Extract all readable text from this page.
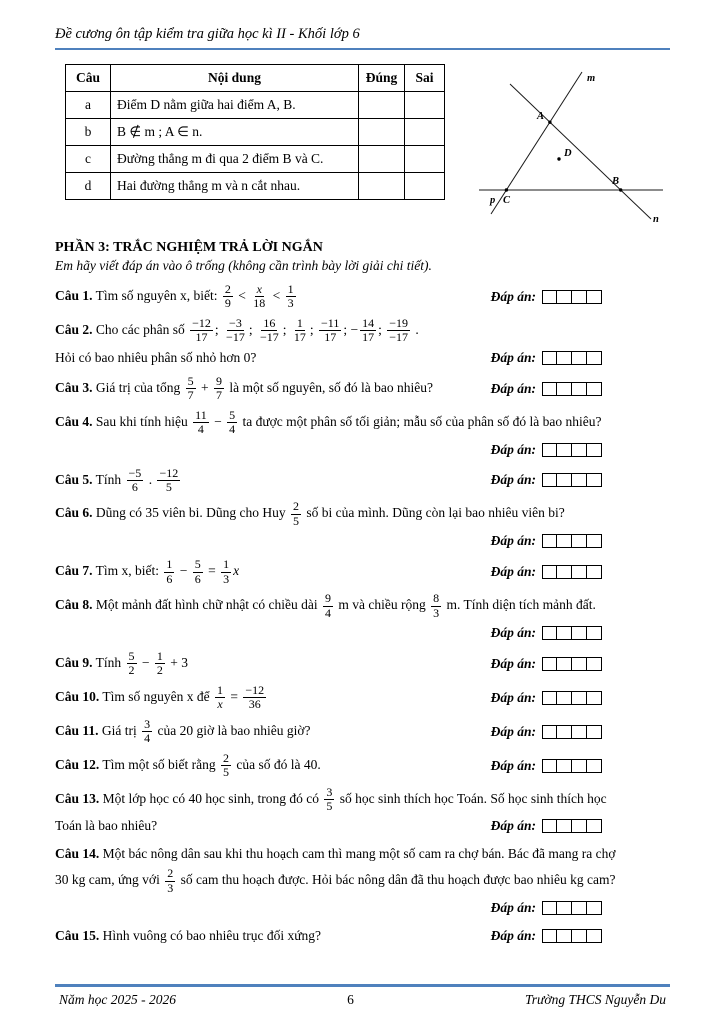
Đề cương ôn tập kiểm tra giữa học kì II - Khối lớp 6
Câu	Nội dung	Đúng	Sai
a	Điểm D nằm giữa hai điểm A, B.		
b	B ∉ m ; A ∈ n.		
c	Đường thẳng m đi qua 2 điểm B và C.		
d	Hai đường thẳng m và n cắt nhau.		
m
n
p
A
B
C
D
PHẦN 3: TRẮC NGHIỆM TRẢ LỜI NGẮN
Em hãy viết đáp án vào ô trống (không cần trình bày lời giải chi tiết).
Câu 1. Tìm số nguyên x, biết: $\frac{2}{9} < \frac{x}{18} < \frac{1}{3}$	Đáp án:
Câu 2. Cho các phân số $\frac{-12}{17}$ ; $\frac{-3}{-17}$ ; $\frac{16}{-17}$ ; $\frac{1}{17}$ ; $\frac{-11}{17}$ ; − $\frac{14}{17}$ ; $\frac{-19}{-17}$ .
Hỏi có bao nhiêu phân số nhỏ hơn 0?	Đáp án:
Câu 3. Giá trị của tổng $\frac{5}{7} + \frac{9}{7}$ là một số nguyên, số đó là bao nhiêu?	Đáp án:
Câu 4. Sau khi tính hiệu $\frac{11}{4} - \frac{5}{4}$ ta được một phân số tối giản; mẫu số của phân số đó là bao nhiêu?
Đáp án:
Câu 5. Tính $\frac{-5}{6}$ . $\frac{-12}{5}$	Đáp án:
Câu 6. Dũng có 35 viên bi. Dũng cho Huy $\frac{2}{5}$ số bi của mình. Dũng còn lại bao nhiêu viên bi?
Đáp án:
Câu 7. Tìm x, biết: $\frac{1}{6} - \frac{5}{6} = \frac{1}{3}$ x	Đáp án:
Câu 8. Một mảnh đất hình chữ nhật có chiều dài $\frac{9}{4}$ m và chiều rộng $\frac{8}{3} m$. Tính diện tích mảnh đất.
Đáp án:
Câu 9. Tính $\frac{5}{2} - \frac{1}{2} + 3$	Đáp án:
Câu 10. Tìm số nguyên x để $\frac{1}{x} = \frac{-12}{36}$	Đáp án:
Câu 11. Giá trị $\frac{3}{4}$ của 20 giờ là bao nhiêu giờ?	Đáp án:
Câu 12. Tìm một số biết rằng $\frac{2}{5}$ của số đó là 40.	Đáp án:
Câu 13. Một lớp học có 40 học sinh, trong đó có $\frac{3}{5}$ số học sinh thích học Toán. Số học sinh thích học
Toán là bao nhiêu?	Đáp án:
Câu 14. Một bác nông dân sau khi thu hoạch cam thì mang một số cam ra chợ bán. Bác đã mang ra chợ
30 kg cam, ứng với $\frac{2}{3}$ số cam thu hoạch được. Hỏi bác nông dân đã thu hoạch được bao nhiêu kg cam?
Đáp án:
Câu 15. Hình vuông có bao nhiêu trục đối xứng?	Đáp án:
Năm học 2025 - 2026	6	Trường THCS Nguyễn Du
